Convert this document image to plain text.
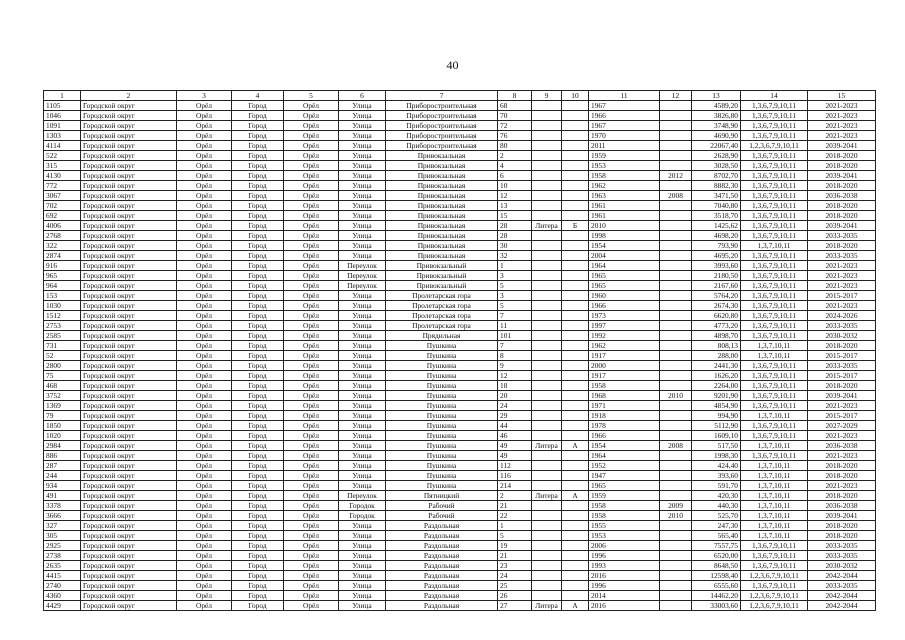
40
1	2	3	4	5	6	7	8	9	10	11	12	13	14	15
1105	Городской округ	Орёл	Город	Орёл	Улица	Приборостроительная	68			1967		4589,20	1,3,6,7,9,10,11	2021-2023
1046	Городской округ	Орёл	Город	Орёл	Улица	Приборостроительная	70			1966		3826,80	1,3,6,7,9,10,11	2021-2023
1091	Городской округ	Орёл	Город	Орёл	Улица	Приборостроительная	72			1967		3748,90	1,3,6,7,9,10,11	2021-2023
1303	Городской округ	Орёл	Город	Орёл	Улица	Приборостроительная	76			1970		4690,90	1,3,6,7,9,10,11	2021-2023
4114	Городской округ	Орёл	Город	Орёл	Улица	Приборостроительная	80			2011		22067,40	1,2,3,6,7,9,10,11	2039-2041
522	Городской округ	Орёл	Город	Орёл	Улица	Привокзальная	2			1959		2628,90	1,3,6,7,9,10,11	2018-2020
315	Городской округ	Орёл	Город	Орёл	Улица	Привокзальная	4			1953		3028,50	1,3,6,7,9,10,11	2018-2020
4130	Городской округ	Орёл	Город	Орёл	Улица	Привокзальная	6			1958	2012	8702,70	1,3,6,7,9,10,11	2039-2041
772	Городской округ	Орёл	Город	Орёл	Улица	Привокзальная	10			1962		8882,30	1,3,6,7,9,10,11	2018-2020
3067	Городской округ	Орёл	Город	Орёл	Улица	Привокзальная	12			1963	2008	3471,50	1,3,6,7,9,10,11	2036-2038
702	Городской округ	Орёл	Город	Орёл	Улица	Привокзальная	13			1961		7040,80	1,3,6,7,9,10,11	2018-2020
692	Городской округ	Орёл	Город	Орёл	Улица	Привокзальная	15			1961		3518,70	1,3,6,7,9,10,11	2018-2020
4006	Городской округ	Орёл	Город	Орёл	Улица	Привокзальная	28	Литера	Б	2010		1425,62	1,3,6,7,9,10,11	2039-2041
2768	Городской округ	Орёл	Город	Орёл	Улица	Привокзальная	28			1998		4698,20	1,3,6,7,9,10,11	2033-2035
322	Городской округ	Орёл	Город	Орёл	Улица	Привокзальная	30			1954		793,90	1,3,7,10,11	2018-2020
2874	Городской округ	Орёл	Город	Орёл	Улица	Привокзальная	32			2004		4695,20	1,3,6,7,9,10,11	2033-2035
916	Городской округ	Орёл	Город	Орёл	Переулок	Привокзальный	1			1964		3993,60	1,3,6,7,9,10,11	2021-2023
965	Городской округ	Орёл	Город	Орёл	Переулок	Привокзальный	3			1965		2180,50	1,3,6,7,9,10,11	2021-2023
964	Городской округ	Орёл	Город	Орёл	Переулок	Привокзальный	5			1965		2167,60	1,3,6,7,9,10,11	2021-2023
153	Городской округ	Орёл	Город	Орёл	Улица	Пролетарская гора	3			1960		5764,20	1,3,6,7,9,10,11	2015-2017
1030	Городской округ	Орёл	Город	Орёл	Улица	Пролетарская гора	5			1966		2674,30	1,3,6,7,9,10,11	2021-2023
1512	Городской округ	Орёл	Город	Орёл	Улица	Пролетарская гора	7			1973		6620,80	1,3,6,7,9,10,11	2024-2026
2753	Городской округ	Орёл	Город	Орёл	Улица	Пролетарская гора	11			1997		4773,20	1,3,6,7,9,10,11	2033-2035
2585	Городской округ	Орёл	Город	Орёл	Улица	Прядильная	101			1992		4898,70	1,3,6,7,9,10,11	2030-2032
731	Городской округ	Орёл	Город	Орёл	Улица	Пушкина	7			1962		808,13	1,3,7,10,11	2018-2020
52	Городской округ	Орёл	Город	Орёл	Улица	Пушкина	8			1917		288,00	1,3,7,10,11	2015-2017
2800	Городской округ	Орёл	Город	Орёл	Улица	Пушкина	9			2000		2441,30	1,3,6,7,9,10,11	2033-2035
75	Городской округ	Орёл	Город	Орёл	Улица	Пушкина	12			1917		1626,20	1,3,6,7,9,10,11	2015-2017
468	Городской округ	Орёл	Город	Орёл	Улица	Пушкина	18			1958		2264,00	1,3,6,7,9,10,11	2018-2020
3752	Городской округ	Орёл	Город	Орёл	Улица	Пушкина	20			1968	2010	9201,90	1,3,6,7,9,10,11	2039-2041
1369	Городской округ	Орёл	Город	Орёл	Улица	Пушкина	24			1971		4854,90	1,3,6,7,9,10,11	2021-2023
79	Городской округ	Орёл	Город	Орёл	Улица	Пушкина	29			1918		994,90	1,3,7,10,11	2015-2017
1850	Городской округ	Орёл	Город	Орёл	Улица	Пушкина	44			1978		5112,90	1,3,6,7,9,10,11	2027-2029
1020	Городской округ	Орёл	Город	Орёл	Улица	Пушкина	46			1966		1609,10	1,3,6,7,9,10,11	2021-2023
2984	Городской округ	Орёл	Город	Орёл	Улица	Пушкина	49	Литера	А	1954	2008	517,50	1,3,7,10,11	2036-2038
886	Городской округ	Орёл	Город	Орёл	Улица	Пушкина	49			1964		1998,30	1,3,6,7,9,10,11	2021-2023
287	Городской округ	Орёл	Город	Орёл	Улица	Пушкина	112			1952		424,40	1,3,7,10,11	2018-2020
244	Городской округ	Орёл	Город	Орёл	Улица	Пушкина	116			1947		393,60	1,3,7,10,11	2018-2020
934	Городской округ	Орёл	Город	Орёл	Улица	Пушкина	214			1965		591,70	1,3,7,10,11	2021-2023
491	Городской округ	Орёл	Город	Орёл	Переулок	Пятницкий	2	Литера	А	1959		420,30	1,3,7,10,11	2018-2020
3378	Городской округ	Орёл	Город	Орёл	Городок	Рабочий	21			1958	2009	440,30	1,3,7,10,11	2036-2038
3666	Городской округ	Орёл	Город	Орёл	Городок	Рабочий	22			1958	2010	525,70	1,3,7,10,11	2039-2041
327	Городской округ	Орёл	Город	Орёл	Улица	Раздольная	1			1955		247,30	1,3,7,10,11	2018-2020
305	Городской округ	Орёл	Город	Орёл	Улица	Раздольная	5			1953		565,40	1,3,7,10,11	2018-2020
2925	Городской округ	Орёл	Город	Орёл	Улица	Раздольная	19			2006		7557,75	1,3,6,7,9,10,11	2033-2035
2738	Городской округ	Орёл	Город	Орёл	Улица	Раздольная	21			1996		6520,00	1,3,6,7,9,10,11	2033-2035
2635	Городской округ	Орёл	Город	Орёл	Улица	Раздольная	23			1993		8648,50	1,3,6,7,9,10,11	2030-2032
4415	Городской округ	Орёл	Город	Орёл	Улица	Раздольная	24			2016		12598,40	1,2,3,6,7,9,10,11	2042-2044
2740	Городской округ	Орёл	Город	Орёл	Улица	Раздольная	25			1996		6555,60	1,3,6,7,9,10,11	2033-2035
4360	Городской округ	Орёл	Город	Орёл	Улица	Раздольная	26			2014		14462,20	1,2,3,6,7,9,10,11	2042-2044
4429	Городской округ	Орёл	Город	Орёл	Улица	Раздольная	27	Литера	А	2016		33003,60	1,2,3,6,7,9,10,11	2042-2044
